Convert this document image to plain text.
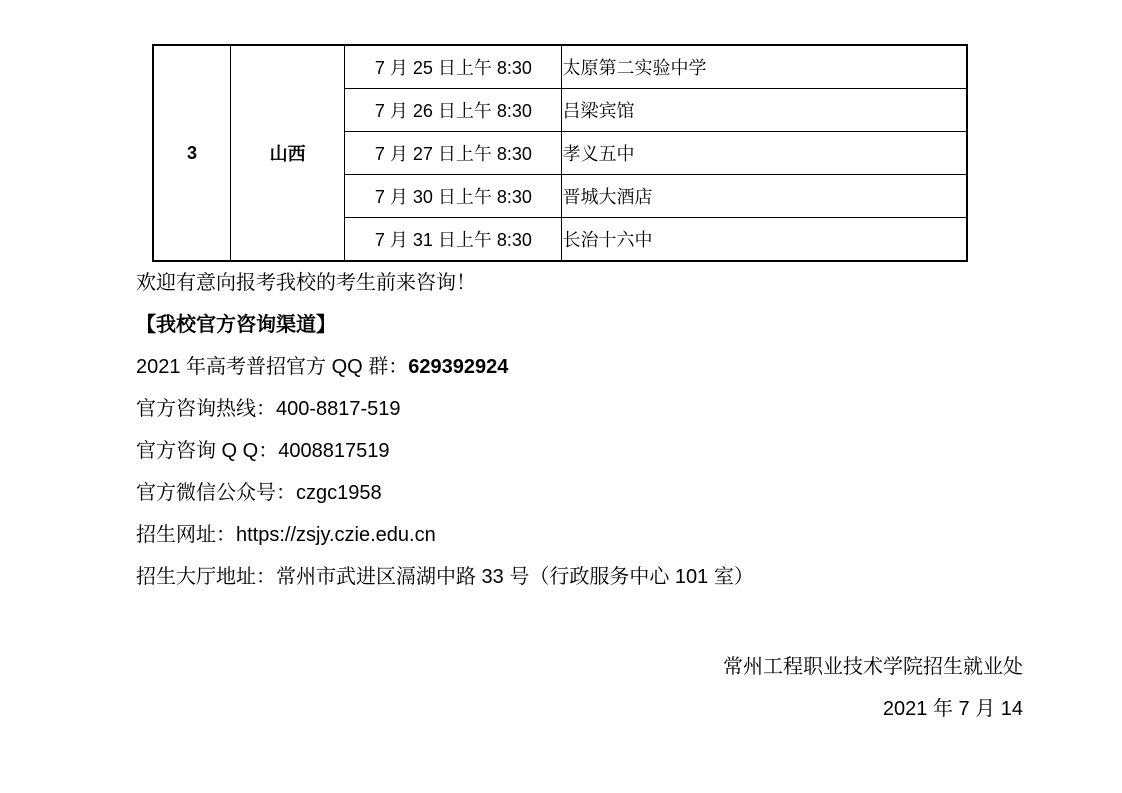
3	山西	7 月 25 日上午 8:30	太原第二实验中学
		7 月 26 日上午 8:30	吕梁宾馆
		7 月 27 日上午 8:30	孝义五中
		7 月 30 日上午 8:30	晋城大酒店
		7 月 31 日上午 8:30	长治十六中
欢迎有意向报考我校的考生前来咨询！
【我校官方咨询渠道】
2021 年高考普招官方 QQ 群：629392924
官方咨询热线：400-8817-519
官方咨询 Q Q：4008817519
官方微信公众号：czgc1958
招生网址：https://zsjy.czie.edu.cn
招生大厅地址：常州市武进区滆湖中路 33 号（行政服务中心 101 室）
常州工程职业技术学院招生就业处
2021 年 7 月 14
